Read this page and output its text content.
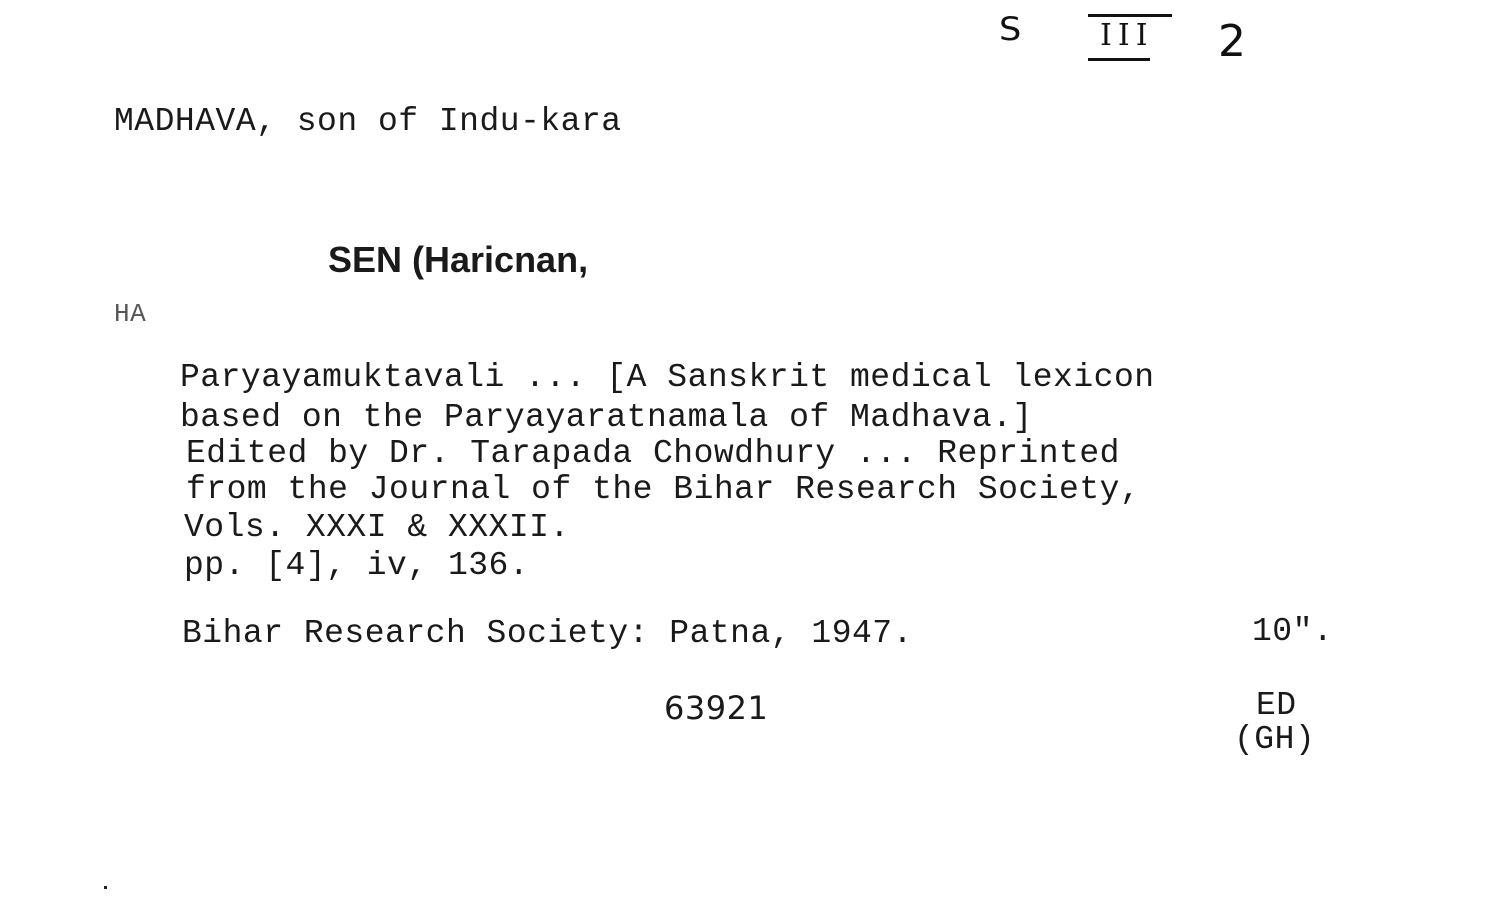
S	III 2
MADHAVA, son of Indu-kara
SEN (Haricnan,
HA
Paryayamuktavali ... [A Sanskrit medical lexicon
based on the Paryayaratnamala of Madhava.]
Edited by Dr. Tarapada Chowdhury ... Reprinted
from the Journal of the Bihar Research Society,
Vols. XXXI & XXXII.
pp. [4], iv, 136.
Bihar Research Society: Patna, 1947.	10".
63921	ED
(GH)
